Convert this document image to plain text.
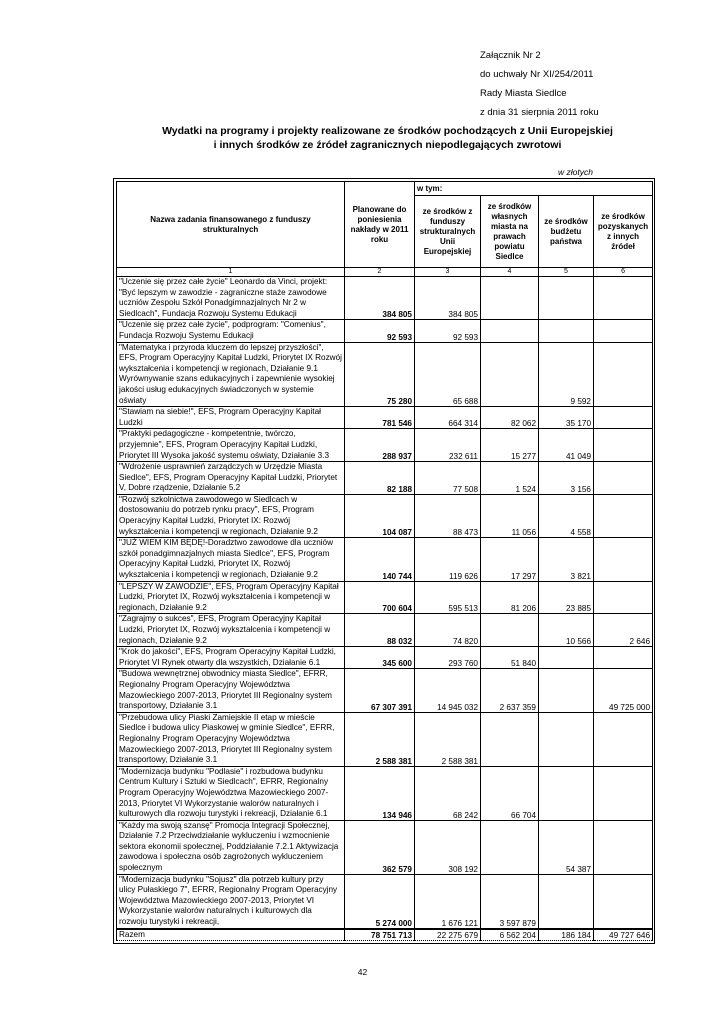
Załącznik Nr 2
do uchwały Nr XI/254/2011
Rady Miasta Siedlce
z dnia 31 sierpnia 2011 roku
Wydatki na programy i projekty realizowane ze środków pochodzących z Unii Europejskiej
i innych środków ze źródeł zagranicznych niepodlegających zwrotowi
w złotych
Nazwa zadania finansowanego z funduszy strukturalnych	Planowane do poniesienia nakłady w 2011 roku	w tym:			
		ze środków z funduszy strukturalnych Unii Europejskiej	ze środków własnych miasta na prawach powiatu Siedlce	ze środków budżetu państwa	ze środków pozyskanych z innych źródeł
1	2	3	4	5	6
"Uczenie się przez całe życie" Leonardo da Vinci, projekt: "Być lepszym w zawodzie - zagraniczne staże zawodowe uczniów Zespołu Szkół Ponadgimnazjalnych Nr 2 w Siedlcach", Fundacja Rozwoju Systemu Edukacji	384 805	384 805			
"Uczenie się przez całe życie", podprogram: "Comenius", Fundacja Rozwoju Systemu Edukacji	92 593	92 593			
"Matematyka i przyroda kluczem do lepszej przyszłości", EFS, Program Operacyjny Kapitał Ludzki, Priorytet IX Rozwój wykształcenia i kompetencji w regionach, Działanie 9.1 Wyrównywanie szans edukacyjnych i zapewnienie wysokiej jakości usług edukacyjnych świadczonych w systemie oświaty	75 280	65 688		9 592	
"Stawiam na siebie!", EFS, Program Operacyjny Kapitał Ludzki	781 546	664 314	82 062	35 170	
"Praktyki pedagogiczne - kompetentnie, twórczo, przyjemnie", EFS, Program Operacyjny Kapitał Ludzki, Priorytet III Wysoka jakość systemu oświaty, Działanie 3.3	288 937	232 611	15 277	41 049	
"Wdrożenie usprawnień zarządczych w Urzędzie Miasta Siedlce", EFS, Program Operacyjny Kapitał Ludzki, Priorytet V, Dobre rządzenie, Działanie 5.2	82 188	77 508	1 524	3 156	
"Rozwój szkolnictwa zawodowego w Siedlcach w dostosowaniu do potrzeb rynku pracy", EFS, Program Operacyjny Kapitał Ludzki, Priorytet IX: Rozwój wykształcenia i kompetencji w regionach, Działanie 9.2	104 087	88 473	11 056	4 558	
"JUŻ WIEM KIM BĘDĘ!-Doradztwo zawodowe dla uczniów szkół ponadgimnazjalnych miasta Siedlce", EFS, Program Operacyjny Kapitał Ludzki, Priorytet IX, Rozwój wykształcenia i kompetencji w regionach, Działanie 9.2	140 744	119 626	17 297	3 821	
"LEPSZY W ZAWODZIE", EFS, Program Operacyjny Kapitał Ludzki, Priorytet IX, Rozwój wykształcenia i kompetencji w regionach, Działanie 9.2	700 604	595 513	81 206	23 885	
"Zagrajmy o sukces", EFS, Program Operacyjny Kapitał Ludzki, Priorytet IX, Rozwój wykształcenia i kompetencji w regionach, Działanie 9.2	88 032	74 820		10 566	2 646
"Krok do jakości", EFS, Program Operacyjny Kapitał Ludzki, Priorytet VI Rynek otwarty dla wszystkich, Działanie 6.1	345 600	293 760	51 840		
"Budowa wewnętrznej obwodnicy miasta Siedlce", EFRR, Regionalny Program Operacyjny Województwa Mazowieckiego 2007-2013, Priorytet III Regionalny system transportowy, Działanie 3.1	67 307 391	14 945 032	2 637 359		49 725 000
"Przebudowa ulicy Piaski Zamiejskie II etap w mieście Siedlce i budowa ulicy Piaskowej w gminie Siedlce", EFRR, Regionalny Program Operacyjny Województwa Mazowieckiego 2007-2013, Priorytet III Regionalny system transportowy, Działanie 3.1	2 588 381	2 588 381			
"Modernizacja budynku "Podlasie" i rozbudowa budynku Centrum Kultury i Sztuki w Siedlcach", EFRR, Regionalny Program Operacyjny Województwa Mazowieckiego 2007-2013, Priorytet VI Wykorzystanie walorów naturalnych i kulturowych dla rozwoju turystyki i rekreacji, Działanie 6.1	134 946	68 242	66 704		
"Każdy ma swoją szansę" Promocja Integracji Społecznej, Działanie 7.2 Przeciwdziałanie wykluczeniu i wzmocnienie sektora ekonomii społecznej, Poddziałanie 7.2.1 Aktywizacja zawodowa i społeczna osób zagrożonych wykluczeniem społecznym	362 579	308 192		54 387	
"Modernizacja budynku "Sojusz" dla potrzeb kultury przy ulicy Pułaskiego 7", EFRR, Regionalny Program Operacyjny Województwa Mazowieckiego 2007-2013, Priorytet VI Wykorzystanie walorów naturalnych i kulturowych dla rozwoju turystyki i rekreacji,	5 274 000	1 676 121	3 597 879		
Razem	78 751 713	22 275 679	6 562 204	186 184	49 727 646
42
